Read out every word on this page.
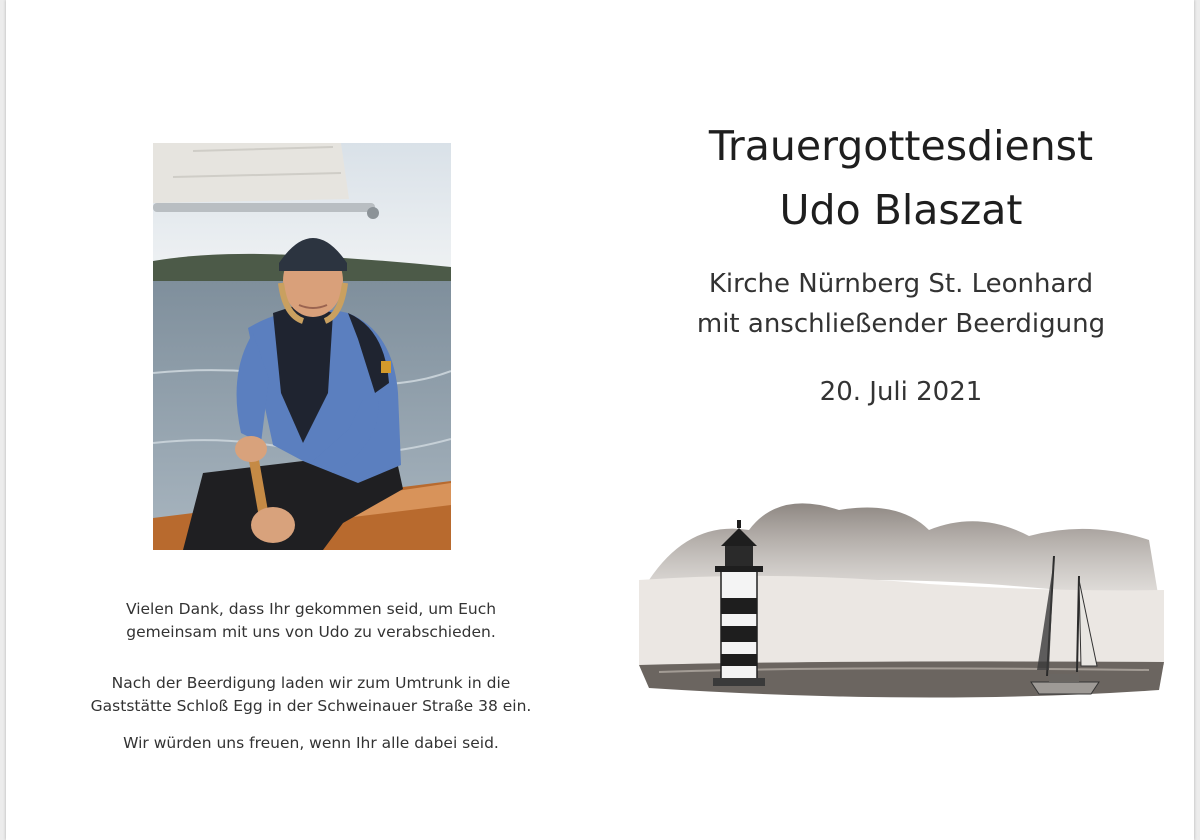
Vielen Dank, dass Ihr gekommen seid, um Euch
gemeinsam mit uns von Udo zu verabschieden.

Nach der Beerdigung laden wir zum Umtrunk in die
Gaststätte Schloß Egg in der Schweinauer Straße 38 ein.

Wir würden uns freuen, wenn Ihr alle dabei seid.

Trauergottesdienst
Udo Blaszat
Kirche Nürnberg St. Leonhard
mit anschließender Beerdigung
20. Juli 2021
